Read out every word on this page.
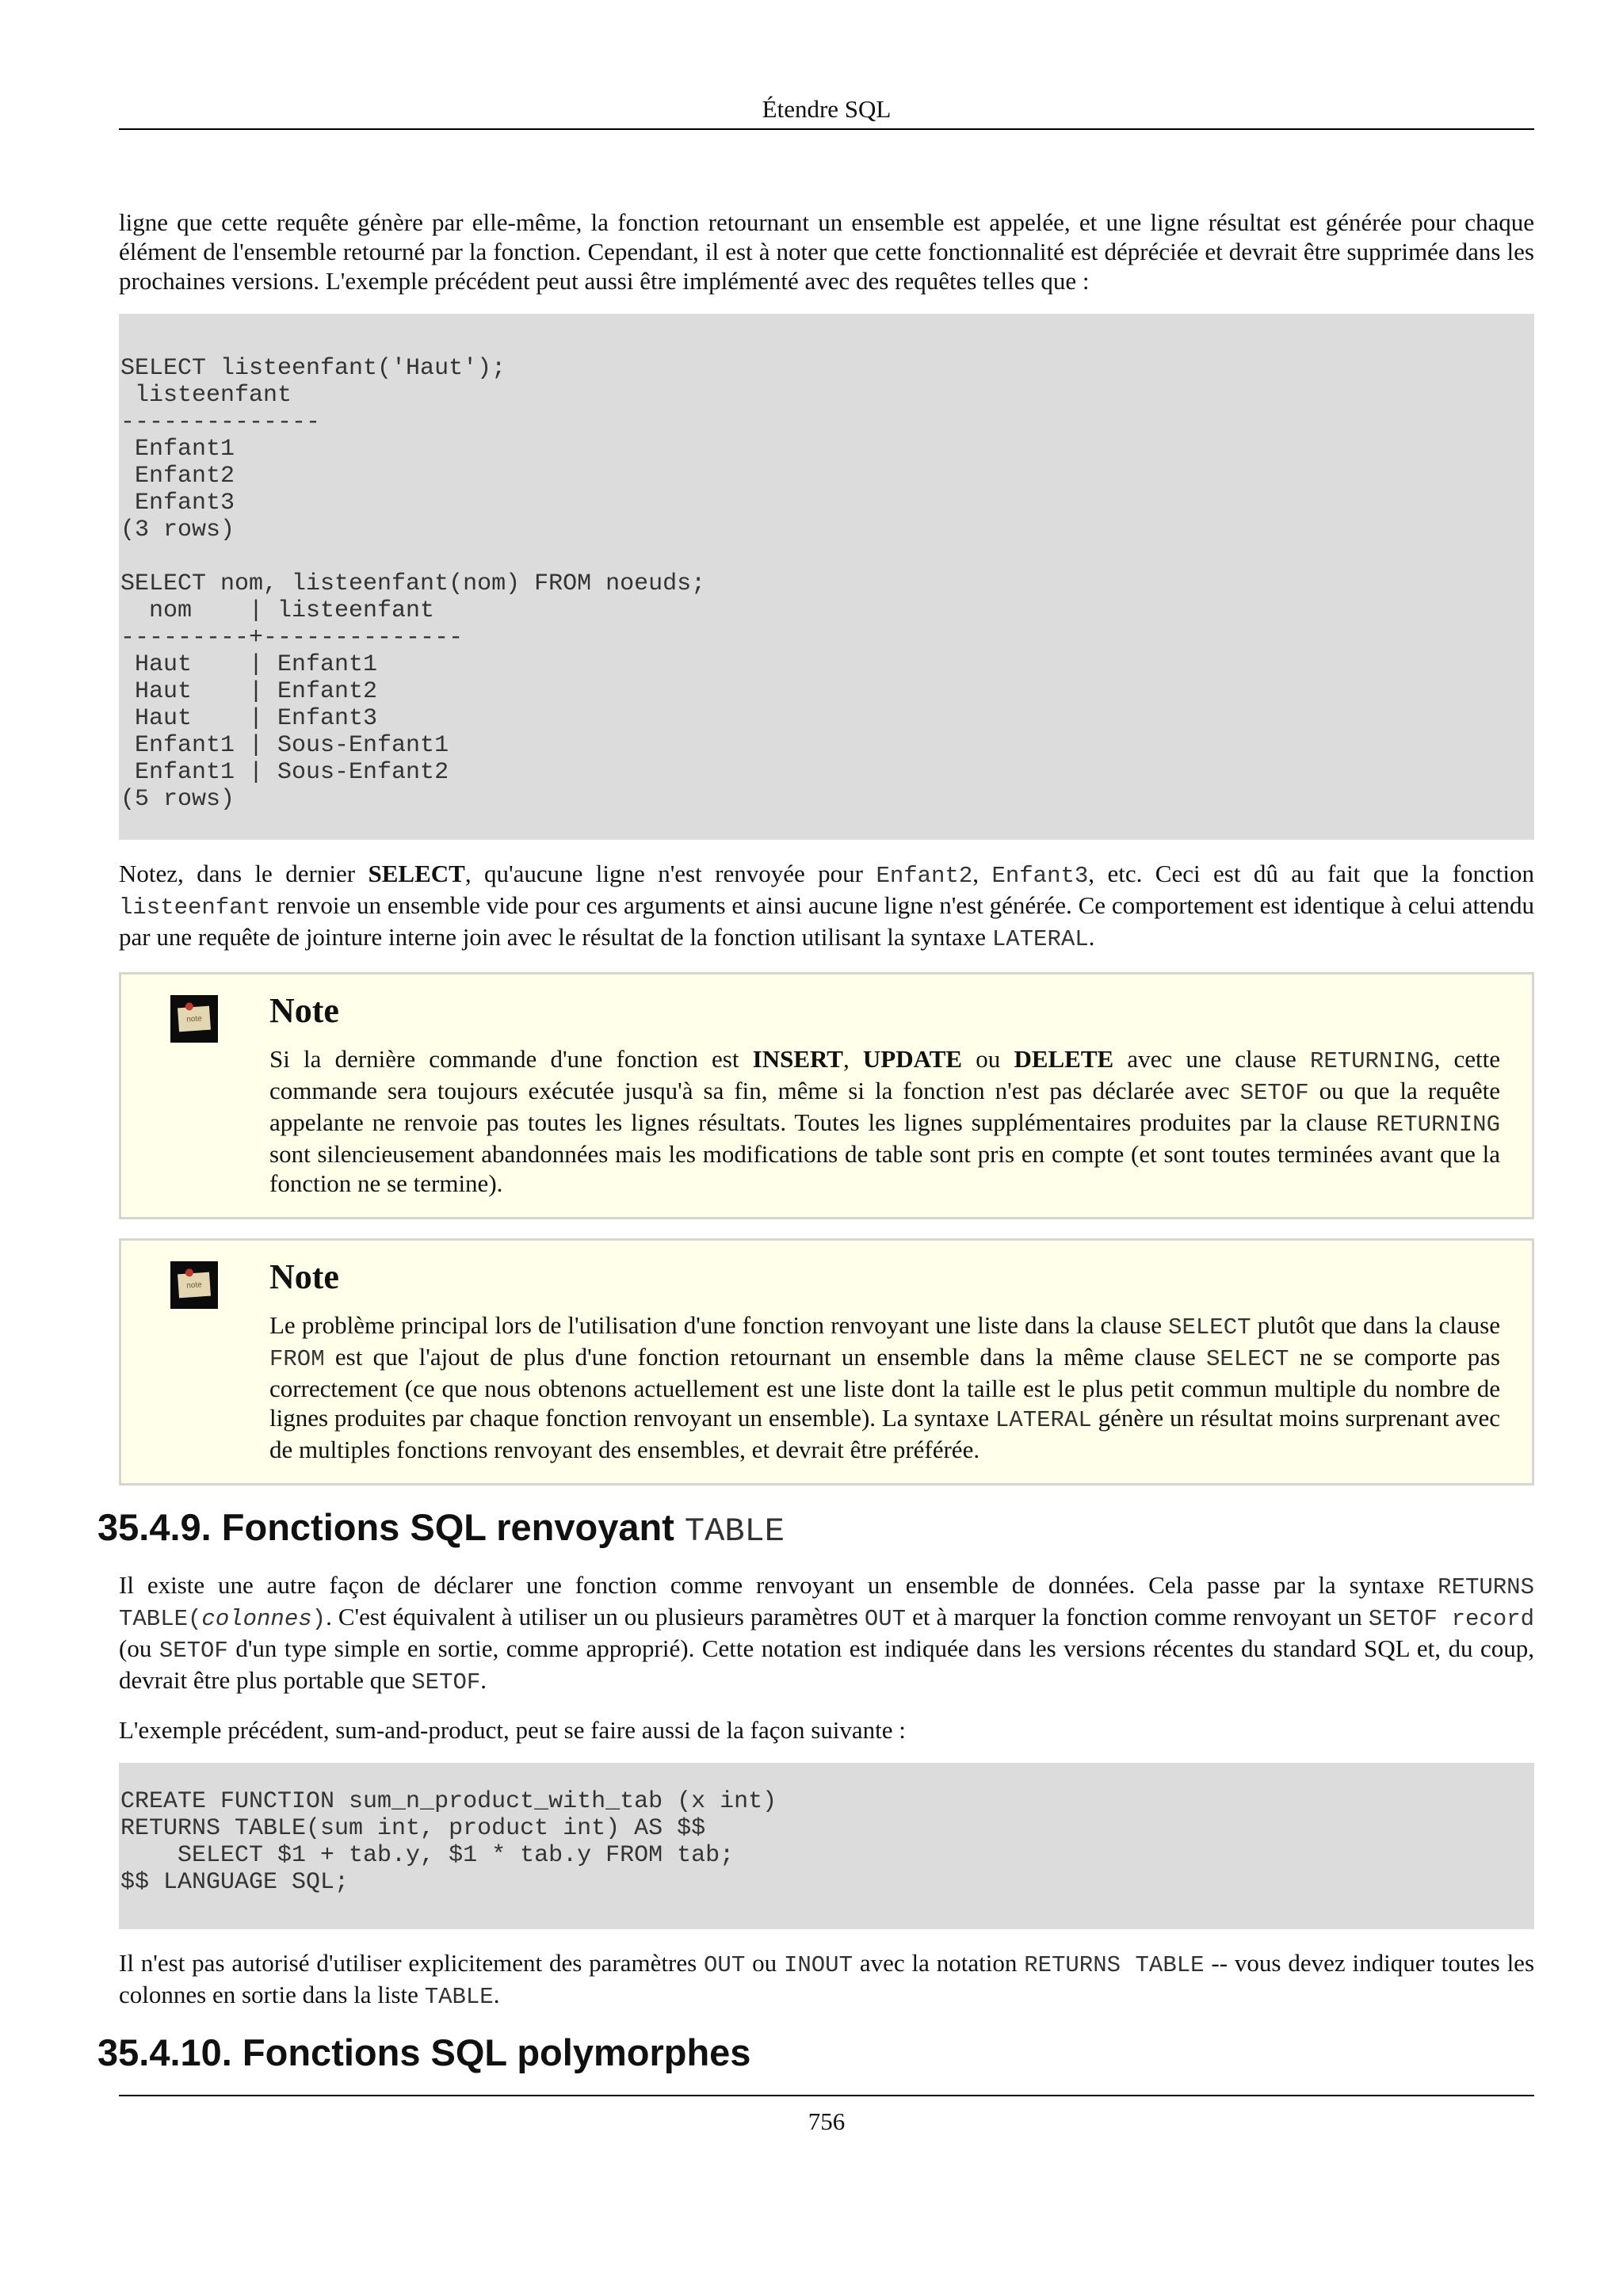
Étendre SQL

ligne que cette requête génère par elle-même, la fonction retournant un ensemble est appelée, et une ligne résultat est générée pour chaque élément de l'ensemble retourné par la fonction. Cependant, il est à noter que cette fonctionnalité est dépréciée et devrait être supprimée dans les prochaines versions. L'exemple précédent peut aussi être implémenté avec des requêtes telles que :

SELECT listeenfant('Haut');
listeenfant
--------------
Enfant1
Enfant2
Enfant3
(3 rows)

SELECT nom, listeenfant(nom) FROM noeuds;
nom    | listeenfant
---------+--------------
Haut    | Enfant1
Haut    | Enfant2
Haut    | Enfant3
Enfant1 | Sous-Enfant1
Enfant1 | Sous-Enfant2
(5 rows)

Notez, dans le dernier SELECT, qu'aucune ligne n'est renvoyée pour Enfant2, Enfant3, etc. Ceci est dû au fait que la fonction listeenfant renvoie un ensemble vide pour ces arguments et ainsi aucune ligne n'est générée. Ce comportement est identique à celui attendu par une requête de jointure interne join avec le résultat de la fonction utilisant la syntaxe LATERAL.

note Note

Si la dernière commande d'une fonction est INSERT, UPDATE ou DELETE avec une clause RETURNING, cette commande sera toujours exécutée jusqu'à sa fin, même si la fonction n'est pas déclarée avec SETOF ou que la requête appelante ne renvoie pas toutes les lignes résultats. Toutes les lignes supplémentaires produites par la clause RETURNING sont silencieusement abandonnées mais les modifications de table sont pris en compte (et sont toutes terminées avant que la fonction ne se termine).

note Note

Le problème principal lors de l'utilisation d'une fonction renvoyant une liste dans la clause SELECT plutôt que dans la clause FROM est que l'ajout de plus d'une fonction retournant un ensemble dans la même clause SELECT ne se comporte pas correctement (ce que nous obtenons actuellement est une liste dont la taille est le plus petit commun multiple du nombre de lignes produites par chaque fonction renvoyant un ensemble). La syntaxe LATERAL génère un résultat moins surprenant avec de multiples fonctions renvoyant des ensembles, et devrait être préférée.

35.4.9. Fonctions SQL renvoyant TABLE

Il existe une autre façon de déclarer une fonction comme renvoyant un ensemble de données. Cela passe par la syntaxe RETURNS TABLE(colonnes). C'est équivalent à utiliser un ou plusieurs paramètres OUT et à marquer la fonction comme renvoyant un SETOF record (ou SETOF d'un type simple en sortie, comme approprié). Cette notation est indiquée dans les versions récentes du standard SQL et, du coup, devrait être plus portable que SETOF.

L'exemple précédent, sum-and-product, peut se faire aussi de la façon suivante :

CREATE FUNCTION sum_n_product_with_tab (x int)
RETURNS TABLE(sum int, product int) AS $$
SELECT $1 + tab.y, $1 * tab.y FROM tab;
$$ LANGUAGE SQL;

Il n'est pas autorisé d'utiliser explicitement des paramètres OUT ou INOUT avec la notation RETURNS TABLE -- vous devez indiquer toutes les colonnes en sortie dans la liste TABLE.

35.4.10. Fonctions SQL polymorphes
756
